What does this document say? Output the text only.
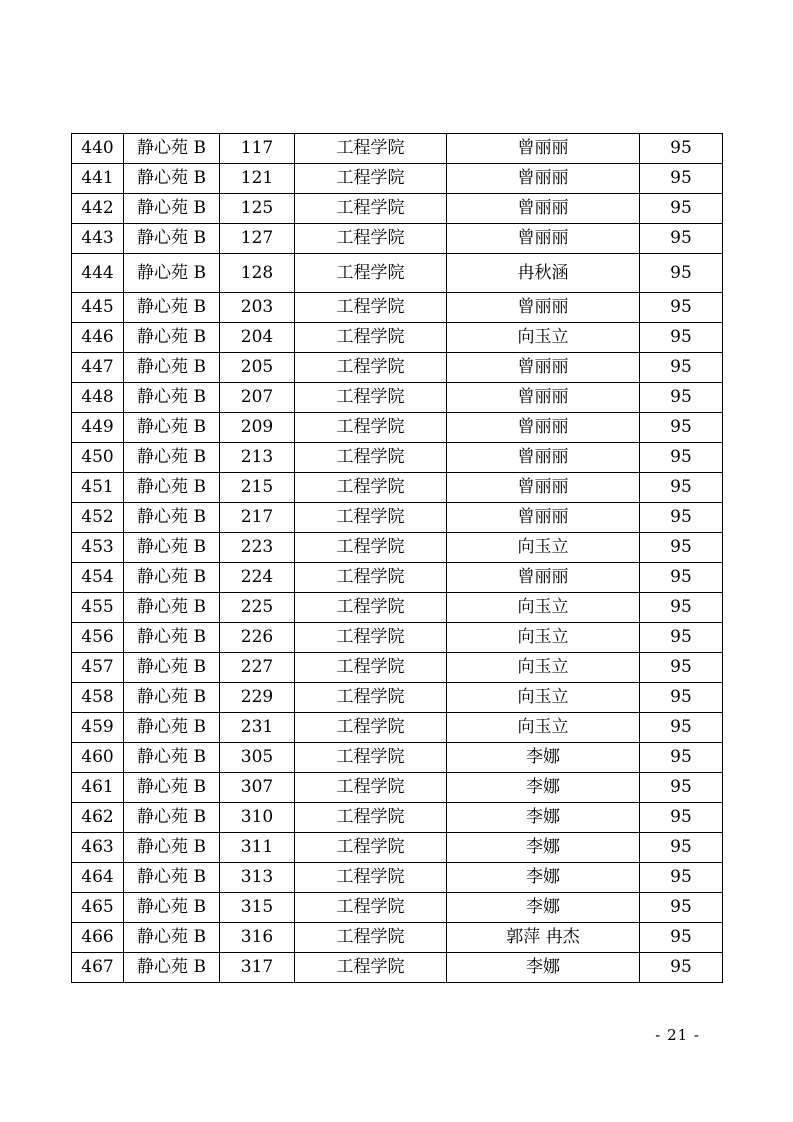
440	静心苑 B	117	工程学院	曾丽丽	95
441	静心苑 B	121	工程学院	曾丽丽	95
442	静心苑 B	125	工程学院	曾丽丽	95
443	静心苑 B	127	工程学院	曾丽丽	95
444	静心苑 B	128	工程学院	冉秋涵	95
445	静心苑 B	203	工程学院	曾丽丽	95
446	静心苑 B	204	工程学院	向玉立	95
447	静心苑 B	205	工程学院	曾丽丽	95
448	静心苑 B	207	工程学院	曾丽丽	95
449	静心苑 B	209	工程学院	曾丽丽	95
450	静心苑 B	213	工程学院	曾丽丽	95
451	静心苑 B	215	工程学院	曾丽丽	95
452	静心苑 B	217	工程学院	曾丽丽	95
453	静心苑 B	223	工程学院	向玉立	95
454	静心苑 B	224	工程学院	曾丽丽	95
455	静心苑 B	225	工程学院	向玉立	95
456	静心苑 B	226	工程学院	向玉立	95
457	静心苑 B	227	工程学院	向玉立	95
458	静心苑 B	229	工程学院	向玉立	95
459	静心苑 B	231	工程学院	向玉立	95
460	静心苑 B	305	工程学院	李娜	95
461	静心苑 B	307	工程学院	李娜	95
462	静心苑 B	310	工程学院	李娜	95
463	静心苑 B	311	工程学院	李娜	95
464	静心苑 B	313	工程学院	李娜	95
465	静心苑 B	315	工程学院	李娜	95
466	静心苑 B	316	工程学院	郭萍 冉杰	95
467	静心苑 B	317	工程学院	李娜	95
- 21 -
